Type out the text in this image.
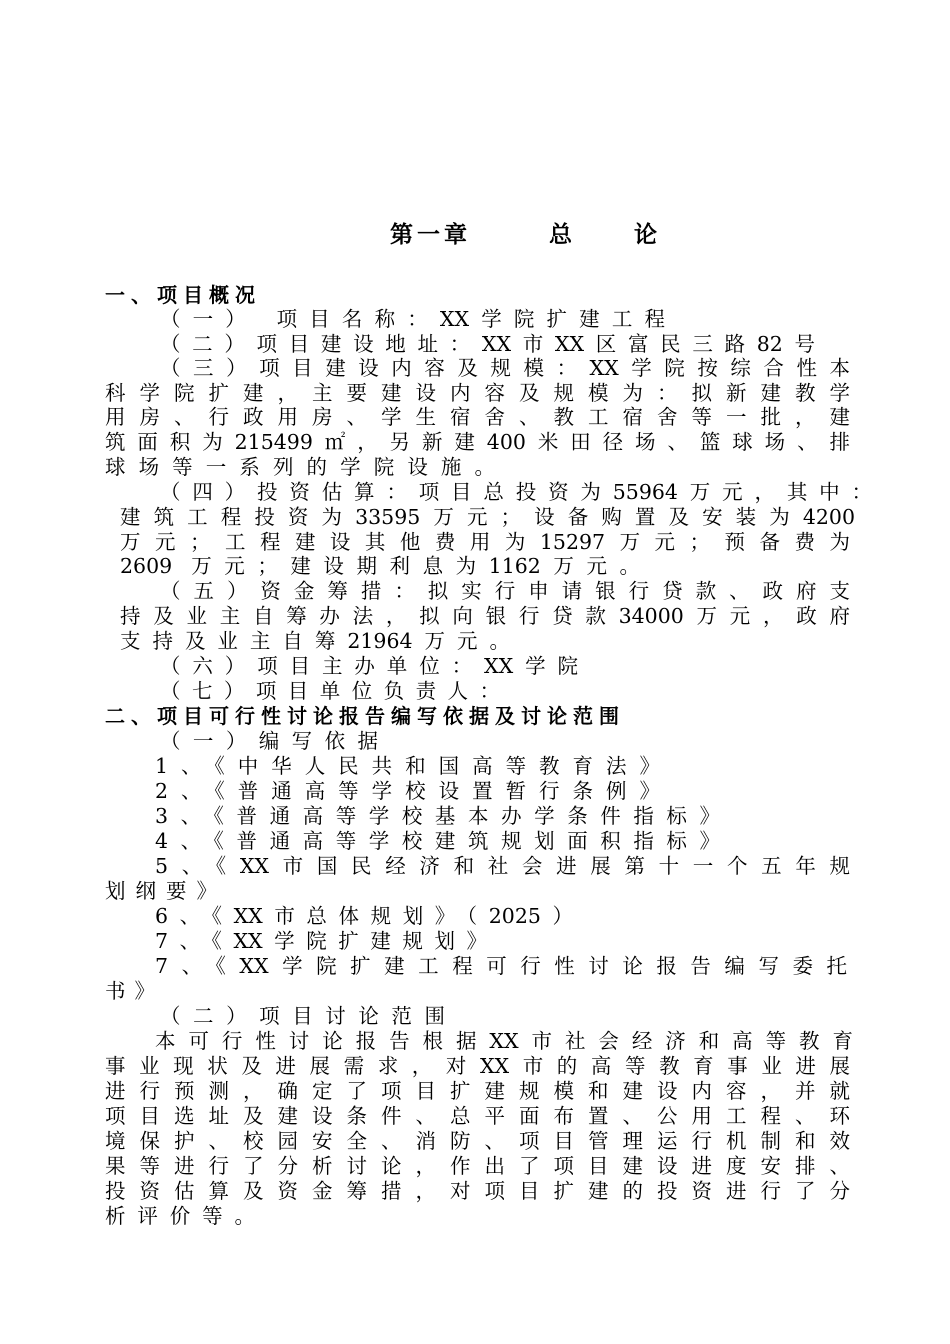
第一章	总	论
一、项目概况
（一） 项目名称：XX学院扩建工程
（二）项目建设地址：XX市XX区富民三路82号
（三）项目建设内容及规模：XX学院按综合性本
科学院扩建，主要建设内容及规模为：拟新建教学
用房、行政用房、学生宿舍、教工宿舍等一批，建
筑面积为215499㎡，另新建400米田径场、篮球场、排
球场等一系列的学院设施。
（四）投资估算：项目总投资为55964万元，其中：
建筑工程投资为33595万元；设备购置及安装为4200
万元；工程建设其他费用为15297万元；预备费为
2609 万元；建设期利息为1162万元。
（五）资金筹措：拟实行申请银行贷款、政府支
持及业主自筹办法，拟向银行贷款34000万元，政府
支持及业主自筹21964万元。
（六）项目主办单位：XX学院
（七）项目单位负责人：
二、项目可行性讨论报告编写依据及讨论范围
（一）编写依据
1、《中华人民共和国高等教育法》
2、《普通高等学校设置暂行条例》
3、《普通高等学校基本办学条件指标》
4、《普通高等学校建筑规划面积指标》
5、《XX市国民经济和社会进展第十一个五年规
划纲要》
6、《XX市总体规划》（2025）
7、《XX学院扩建规划》
7、《XX学院扩建工程可行性讨论报告编写委托
书》
（二）项目讨论范围
本可行性讨论报告根据XX市社会经济和高等教育
事业现状及进展需求，对XX市的高等教育事业进展
进行预测，确定了项目扩建规模和建设内容，并就
项目选址及建设条件、总平面布置、公用工程、环
境保护、校园安全、消防、项目管理运行机制和效
果等进行了分析讨论，作出了项目建设进度安排、
投资估算及资金筹措，对项目扩建的投资进行了分
析评价等。
